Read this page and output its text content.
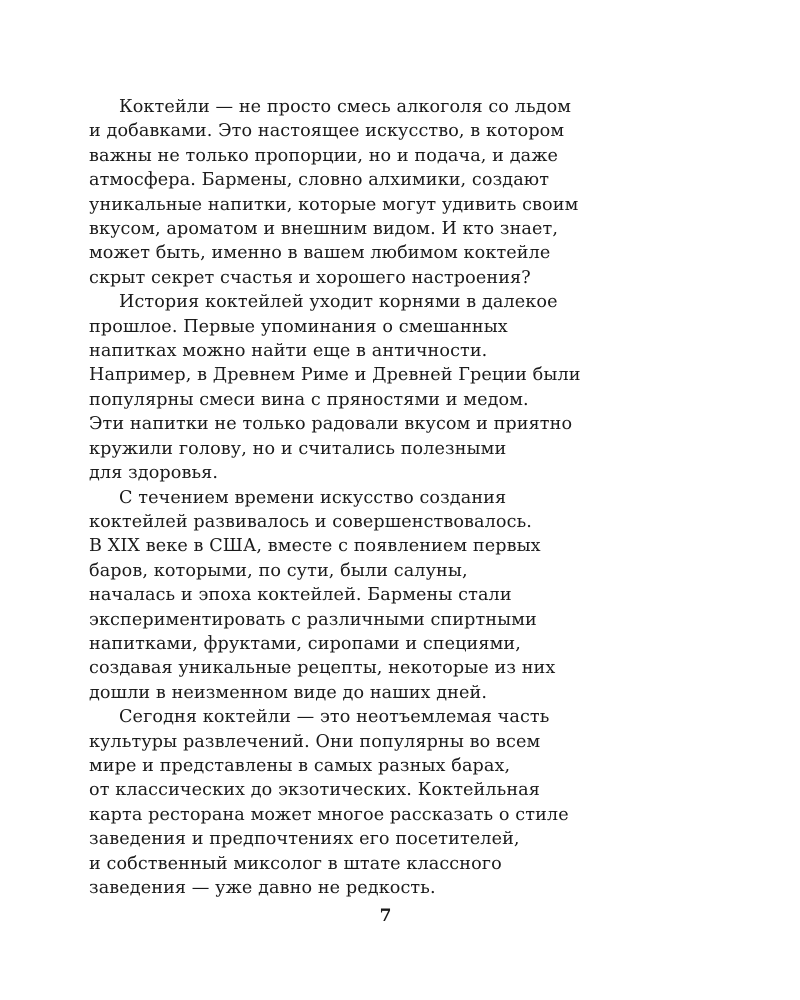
Коктейли — не просто смесь алкоголя со льдом
и добавками. Это настоящее искусство, в котором
важны не только пропорции, но и подача, и даже
атмосфера. Бармены, словно алхимики, создают
уникальные напитки, которые могут удивить своим
вкусом, ароматом и внешним видом. И кто знает,
может быть, именно в вашем любимом коктейле
скрыт секрет счастья и хорошего настроения?

История коктейлей уходит корнями в далекое
прошлое. Первые упоминания о смешанных
напитках можно найти еще в античности.
Например, в Древнем Риме и Древней Греции были
популярны смеси вина с пряностями и медом.
Эти напитки не только радовали вкусом и приятно
кружили голову, но и считались полезными
для здоровья.

С течением времени искусство создания
коктейлей развивалось и совершенствовалось.
В XIX веке в США, вместе с появлением первых
баров, которыми, по сути, были салуны,
началась и эпоха коктейлей. Бармены стали
экспериментировать с различными спиртными
напитками, фруктами, сиропами и специями,
создавая уникальные рецепты, некоторые из них
дошли в неизменном виде до наших дней.

Сегодня коктейли — это неотъемлемая часть
культуры развлечений. Они популярны во всем
мире и представлены в самых разных барах,
от классических до экзотических. Коктейльная
карта ресторана может многое рассказать о стиле
заведения и предпочтениях его посетителей,
и собственный миксолог в штате классного
заведения — уже давно не редкость.

7
